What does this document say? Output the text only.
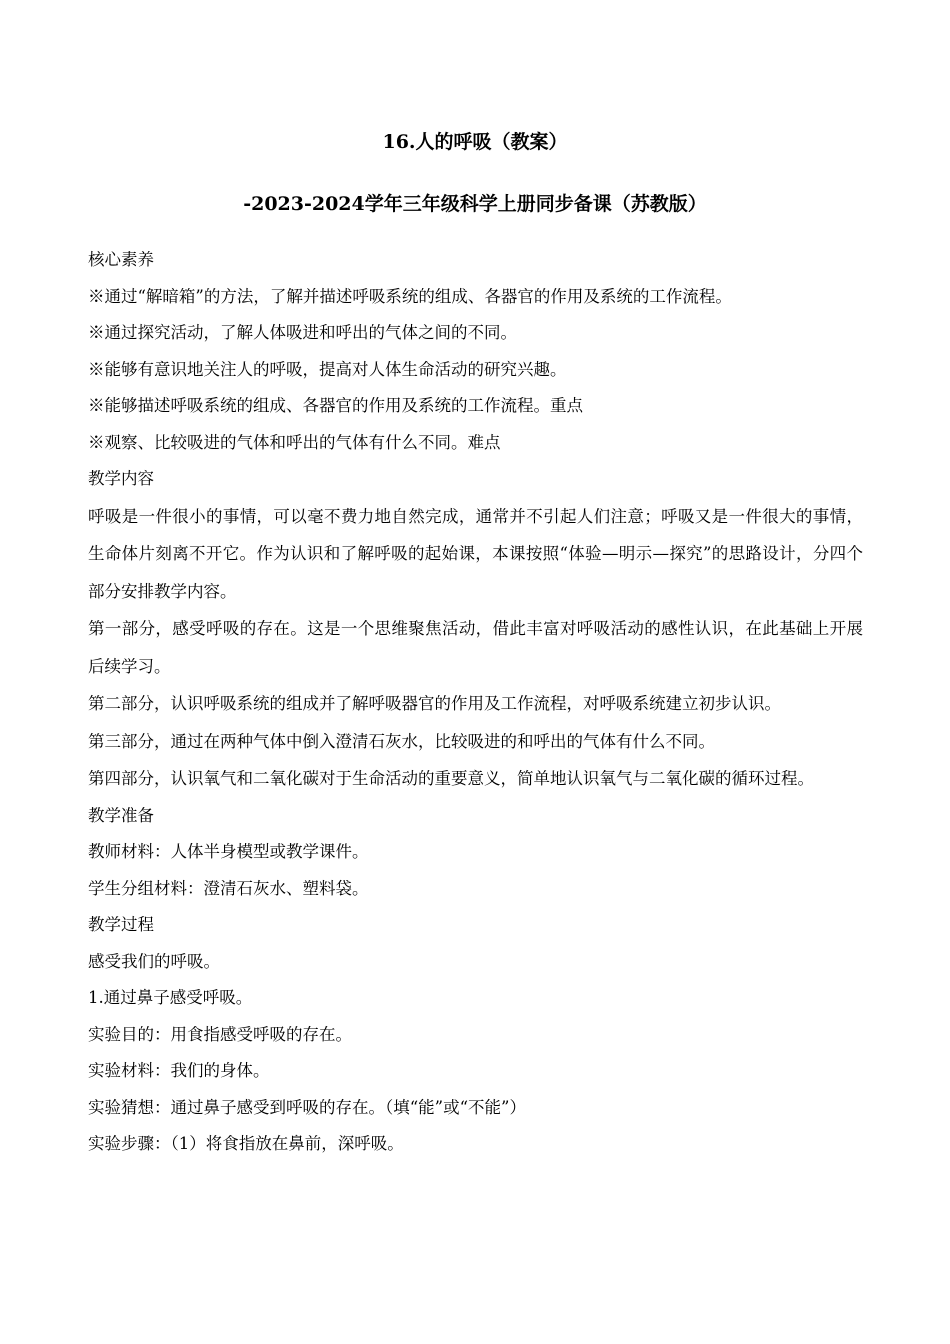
16.人的呼吸（教案）
-2023-2024学年三年级科学上册同步备课（苏教版）
核心素养
※通过“解暗箱”的方法，了解并描述呼吸系统的组成、各器官的作用及系统的工作流程。
※通过探究活动，了解人体吸进和呼出的气体之间的不同。
※能够有意识地关注人的呼吸，提高对人体生命活动的研究兴趣。
※能够描述呼吸系统的组成、各器官的作用及系统的工作流程。重点
※观察、比较吸进的气体和呼出的气体有什么不同。难点
教学内容
呼吸是一件很小的事情，可以毫不费力地自然完成，通常并不引起人们注意；呼吸又是一件很大的事情，生命体片刻离不开它。作为认识和了解呼吸的起始课，本课按照“体验—明示—探究”的思路设计，分四个部分安排教学内容。
第一部分，感受呼吸的存在。这是一个思维聚焦活动，借此丰富对呼吸活动的感性认识，在此基础上开展后续学习。
第二部分，认识呼吸系统的组成并了解呼吸器官的作用及工作流程，对呼吸系统建立初步认识。
第三部分，通过在两种气体中倒入澄清石灰水，比较吸进的和呼出的气体有什么不同。
第四部分，认识氧气和二氧化碳对于生命活动的重要意义，简单地认识氧气与二氧化碳的循环过程。
教学准备
教师材料：人体半身模型或教学课件。
学生分组材料：澄清石灰水、塑料袋。
教学过程
感受我们的呼吸。
1.通过鼻子感受呼吸。
实验目的：用食指感受呼吸的存在。
实验材料：我们的身体。
实验猜想：通过鼻子感受到呼吸的存在。（填“能”或“不能”）
实验步骤：（1）将食指放在鼻前，深呼吸。
